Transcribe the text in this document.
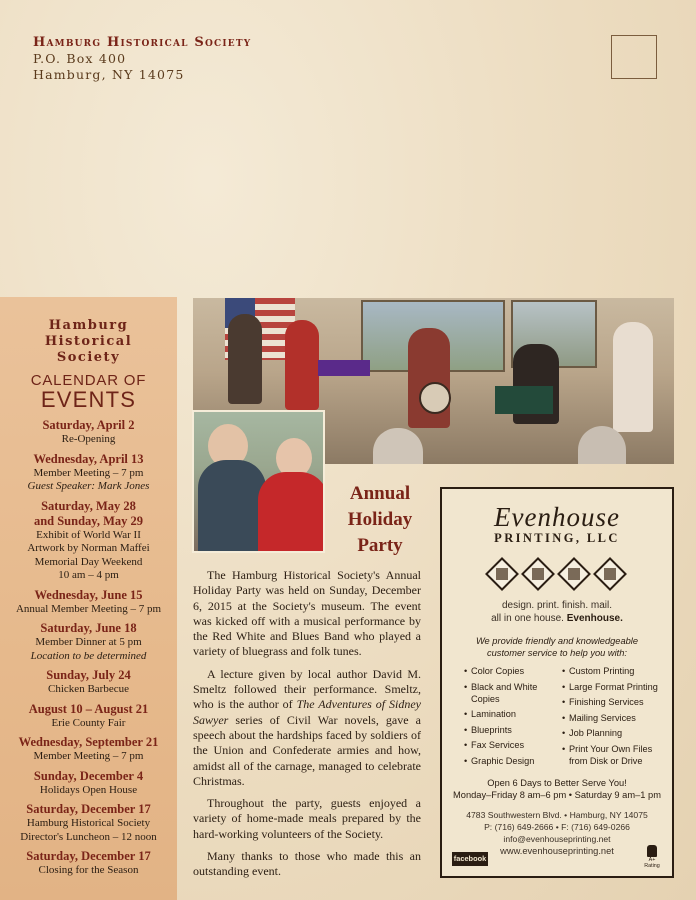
Hamburg Historical Society
P.O. Box 400
Hamburg, NY 14075
Hamburg
Historical
Society
CALENDAR OF
EVENTS
Saturday, April 2
Re-Opening
Wednesday, April 13
Member Meeting – 7 pm
Guest Speaker: Mark Jones
Saturday, May 28
and Sunday, May 29
Exhibit of World War II
Artwork by Norman Maffei
Memorial Day Weekend
10 am – 4 pm
Wednesday, June 15
Annual Member Meeting – 7 pm
Saturday, June 18
Member Dinner at 5 pm
Location to be determined
Sunday, July 24
Chicken Barbecue
August 10 – August 21
Erie County Fair
Wednesday, September 21
Member Meeting – 7 pm
Sunday, December 4
Holidays Open House
Saturday, December 17
Hamburg Historical Society
Director's Luncheon – 12 noon
Saturday, December 17
Closing for the Season
Annual
Holiday
Party

The Hamburg Historical Society's Annual Holiday Party was held on Sunday, December 6, 2015 at the Society's museum. The event was kicked off with a musical performance by the Red White and Blues Band who played a variety of bluegrass and folk tunes.

A lecture given by local author David M. Smeltz followed their performance. Smeltz, who is the author of The Adventures of Sidney Sawyer series of Civil War novels, gave a speech about the hardships faced by soldiers of the Union and Confederate armies and how, amidst all of the carnage, managed to celebrate Christmas.

Throughout the party, guests enjoyed a variety of home-made meals prepared by the hard-working volunteers of the Society.

Many thanks to those who made this an outstanding event.

Evenhouse
PRINTING, LLC
design. print. finish. mail.
all in one house. Evenhouse.
We provide friendly and knowledgeable
customer service to help you with:
• Color Copies
• Black and White Copies
• Lamination
• Blueprints
• Fax Services
• Graphic Design
• Custom Printing
• Large Format Printing
• Finishing Services
• Mailing Services
• Job Planning
• Print Your Own Files from Disk or Drive
Open 6 Days to Better Serve You!
Monday–Friday 8 am–6 pm • Saturday 9 am–1 pm
4783 Southwestern Blvd. • Hamburg, NY 14075
P: (716) 649-2666 • F: (716) 649-0266
info@evenhouseprinting.net
www.evenhouseprinting.net
facebook	A+ Rating
